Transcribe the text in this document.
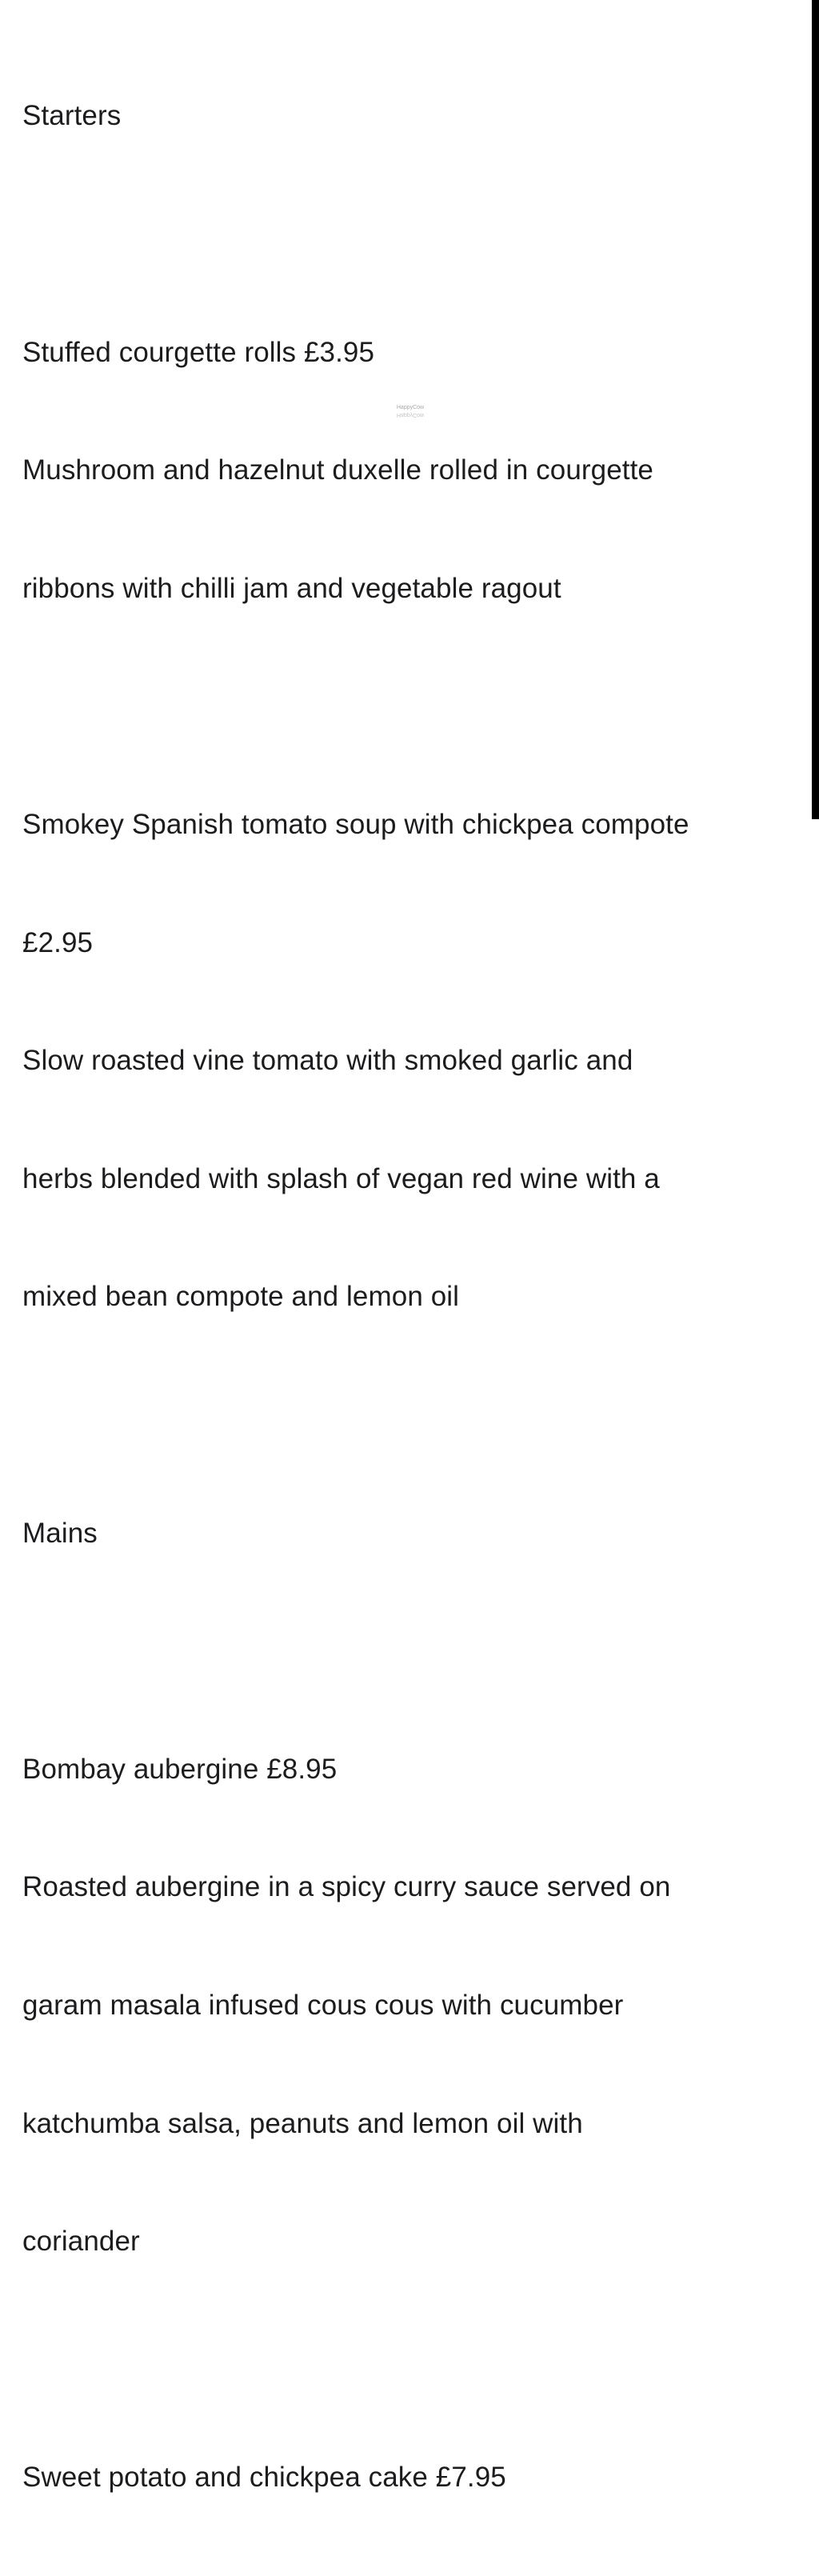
Starters

Stuffed courgette rolls £3.95

Mushroom and hazelnut duxelle rolled in courgette

ribbons with chilli jam and vegetable ragout

Smokey Spanish tomato soup with chickpea compote

£2.95

Slow roasted vine tomato with smoked garlic and

herbs blended with splash of vegan red wine with a

mixed bean compote and lemon oil

Mains

Bombay aubergine £8.95

Roasted aubergine in a spicy curry sauce served on

garam masala infused cous cous with cucumber

katchumba salsa, peanuts and lemon oil with

coriander

Sweet potato and chickpea cake £7.95

HappyCow
HappyCow
